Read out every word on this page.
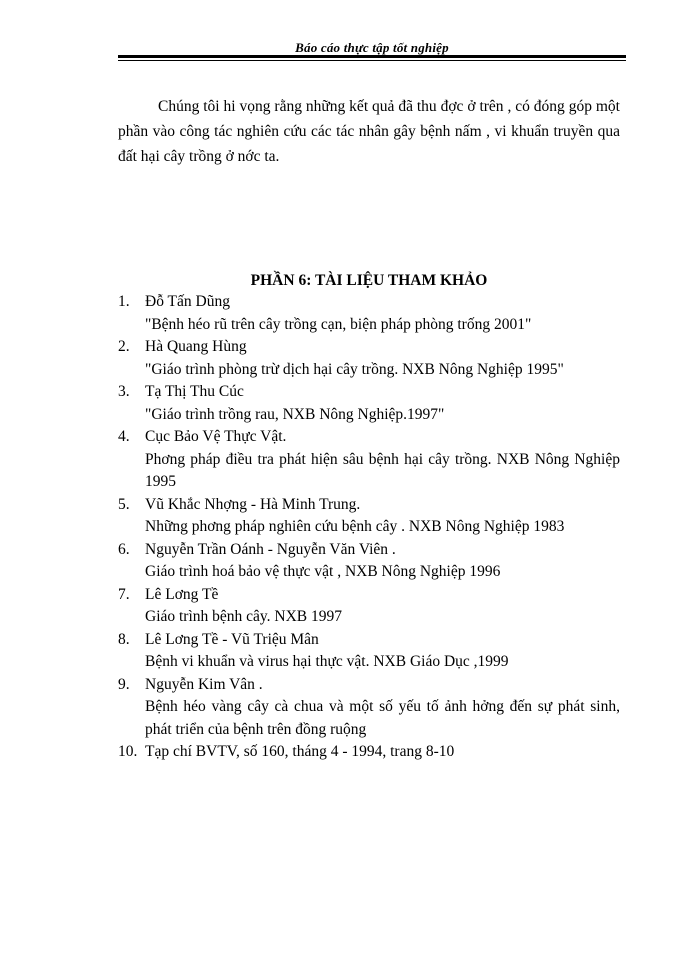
Báo cáo thực tập tốt nghiệp

Chúng tôi hi vọng rằng những kết quả đã thu đợc ở trên , có đóng góp một phần vào công tác nghiên cứu các tác nhân gây bệnh nấm , vi khuẩn truyền qua đất hại cây trồng ở nớc ta.

PHẦN 6: TÀI LIỆU THAM KHẢO
1. Đỗ Tấn Dũng
"Bệnh héo rũ trên cây trồng cạn, biện pháp phòng trống 2001"
2. Hà Quang Hùng
"Giáo trình phòng trừ dịch hại cây trồng. NXB Nông Nghiệp 1995"
3. Tạ Thị Thu Cúc
"Giáo trình trồng rau, NXB Nông Nghiệp.1997"
4. Cục Bảo Vệ Thực Vật.
Phơng pháp điều tra phát hiện sâu bệnh hại cây trồng. NXB Nông Nghiệp 1995
5. Vũ Khắc Nhợng - Hà Minh Trung.
Những phơng pháp nghiên cứu bệnh cây . NXB Nông Nghiệp 1983
6. Nguyễn Trần Oánh - Nguyễn Văn Viên .
Giáo trình hoá bảo vệ thực vật , NXB Nông Nghiệp 1996
7. Lê Lơng Tề
Giáo trình bệnh cây. NXB 1997
8. Lê Lơng Tề - Vũ Triệu Mân
Bệnh vi khuẩn và virus hại thực vật. NXB Giáo Dục ,1999
9. Nguyễn Kim Vân .
Bệnh héo vàng cây cà chua và một số yếu tố ảnh hởng đến sự phát sinh, phát triển của bệnh trên đồng ruộng
10. Tạp chí BVTV, số 160, tháng 4 - 1994, trang 8-10
